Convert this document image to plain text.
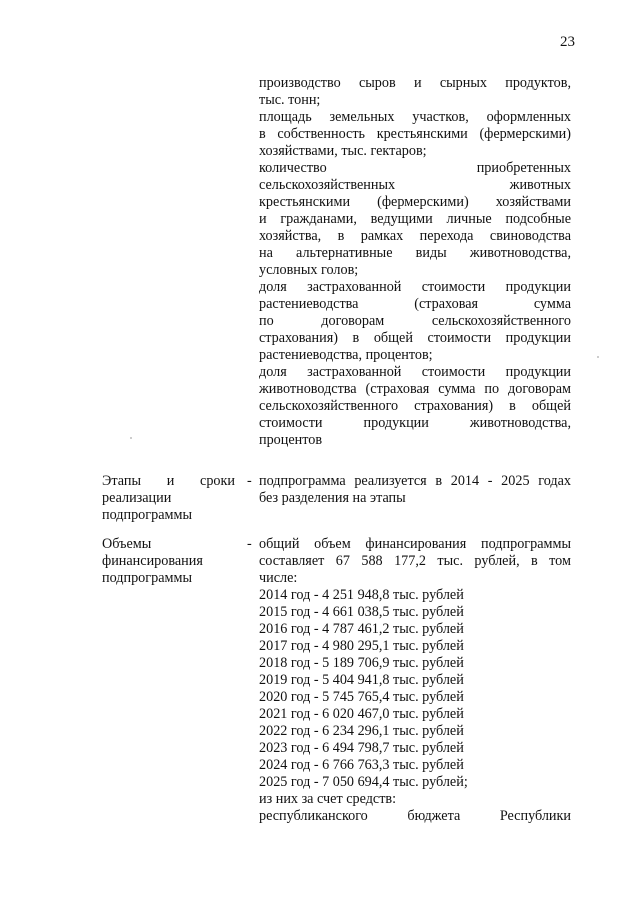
23
производство сыров и сырных продуктов,
тыс. тонн;
площадь земельных участков, оформленных
в собственность крестьянскими (фермерскими)
хозяйствами, тыс. гектаров;
количество приобретенных
сельскохозяйственных животных
крестьянскими (фермерскими) хозяйствами
и гражданами, ведущими личные подсобные
хозяйства, в рамках перехода свиноводства
на альтернативные виды животноводства,
условных голов;
доля застрахованной стоимости продукции
растениеводства (страховая сумма
по договорам сельскохозяйственного
страхования) в общей стоимости продукции
растениеводства, процентов;
доля застрахованной стоимости продукции
животноводства (страховая сумма по договорам
сельскохозяйственного страхования) в общей
стоимости продукции животноводства,
процентов
Этапы и сроки
реализации
подпрограммы
- подпрограмма реализуется в 2014 - 2025 годах
без разделения на этапы
Объемы
финансирования
подпрограммы
- общий объем финансирования подпрограммы
составляет 67 588 177,2 тыс. рублей, в том
числе:
2014 год - 4 251 948,8 тыс. рублей
2015 год - 4 661 038,5 тыс. рублей
2016 год - 4 787 461,2 тыс. рублей
2017 год - 4 980 295,1 тыс. рублей
2018 год - 5 189 706,9 тыс. рублей
2019 год - 5 404 941,8 тыс. рублей
2020 год - 5 745 765,4 тыс. рублей
2021 год - 6 020 467,0 тыс. рублей
2022 год - 6 234 296,1 тыс. рублей
2023 год - 6 494 798,7 тыс. рублей
2024 год - 6 766 763,3 тыс. рублей
2025 год - 7 050 694,4 тыс. рублей;
из них за счет средств:
республиканского бюджета Республики
